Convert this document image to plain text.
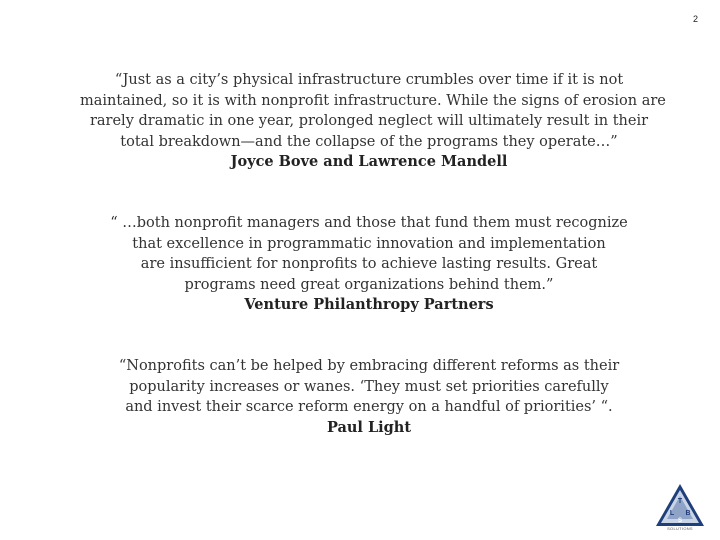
2
“Just as a city’s physical infrastructure crumbles over time if it is not
maintained, so it is with nonprofit infrastructure. While the signs of erosion are
rarely dramatic in one year, prolonged neglect will ultimately result in their
total breakdown—and the collapse of the programs they operate…”
Joyce Bove and Lawrence Mandell
“ …both nonprofit managers and those that fund them must recognize
that excellence in programmatic innovation and implementation
are insufficient for nonprofits to achieve lasting results. Great
programs need great organizations behind them.”
Venture Philanthropy Partners
“Nonprofits can’t be helped by embracing different reforms as their
popularity increases or wanes. ‘They must set priorities carefully
and invest their scarce reform energy on a handful of priorities’ “.
Paul Light
T
L B
S
SOLUTIONS
